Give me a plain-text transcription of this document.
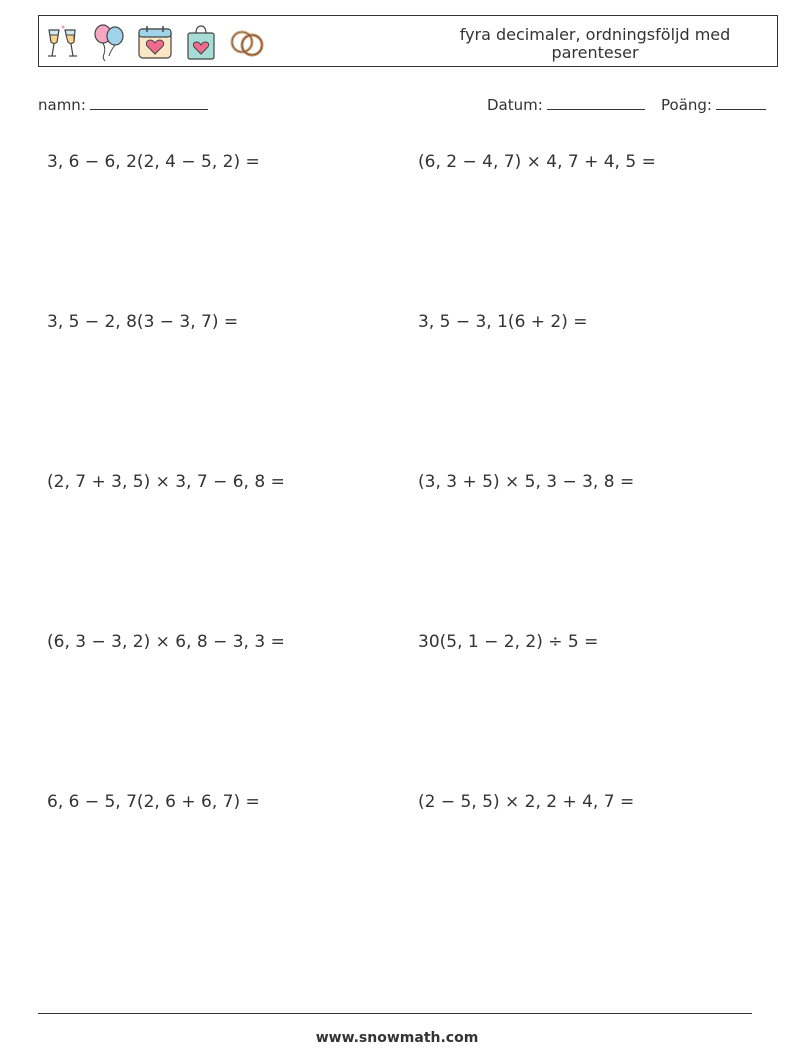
fyra decimaler, ordningsföljd med parenteser
namn:	Datum:	Poäng:
3, 6 − 6, 2(2, 4 − 5, 2) =	(6, 2 − 4, 7) × 4, 7 + 4, 5 =
3, 5 − 2, 8(3 − 3, 7) =	3, 5 − 3, 1(6 + 2) =
(2, 7 + 3, 5) × 3, 7 − 6, 8 =	(3, 3 + 5) × 5, 3 − 3, 8 =
(6, 3 − 3, 2) × 6, 8 − 3, 3 =	30(5, 1 − 2, 2) ÷ 5 =
6, 6 − 5, 7(2, 6 + 6, 7) =	(2 − 5, 5) × 2, 2 + 4, 7 =
www.snowmath.com
